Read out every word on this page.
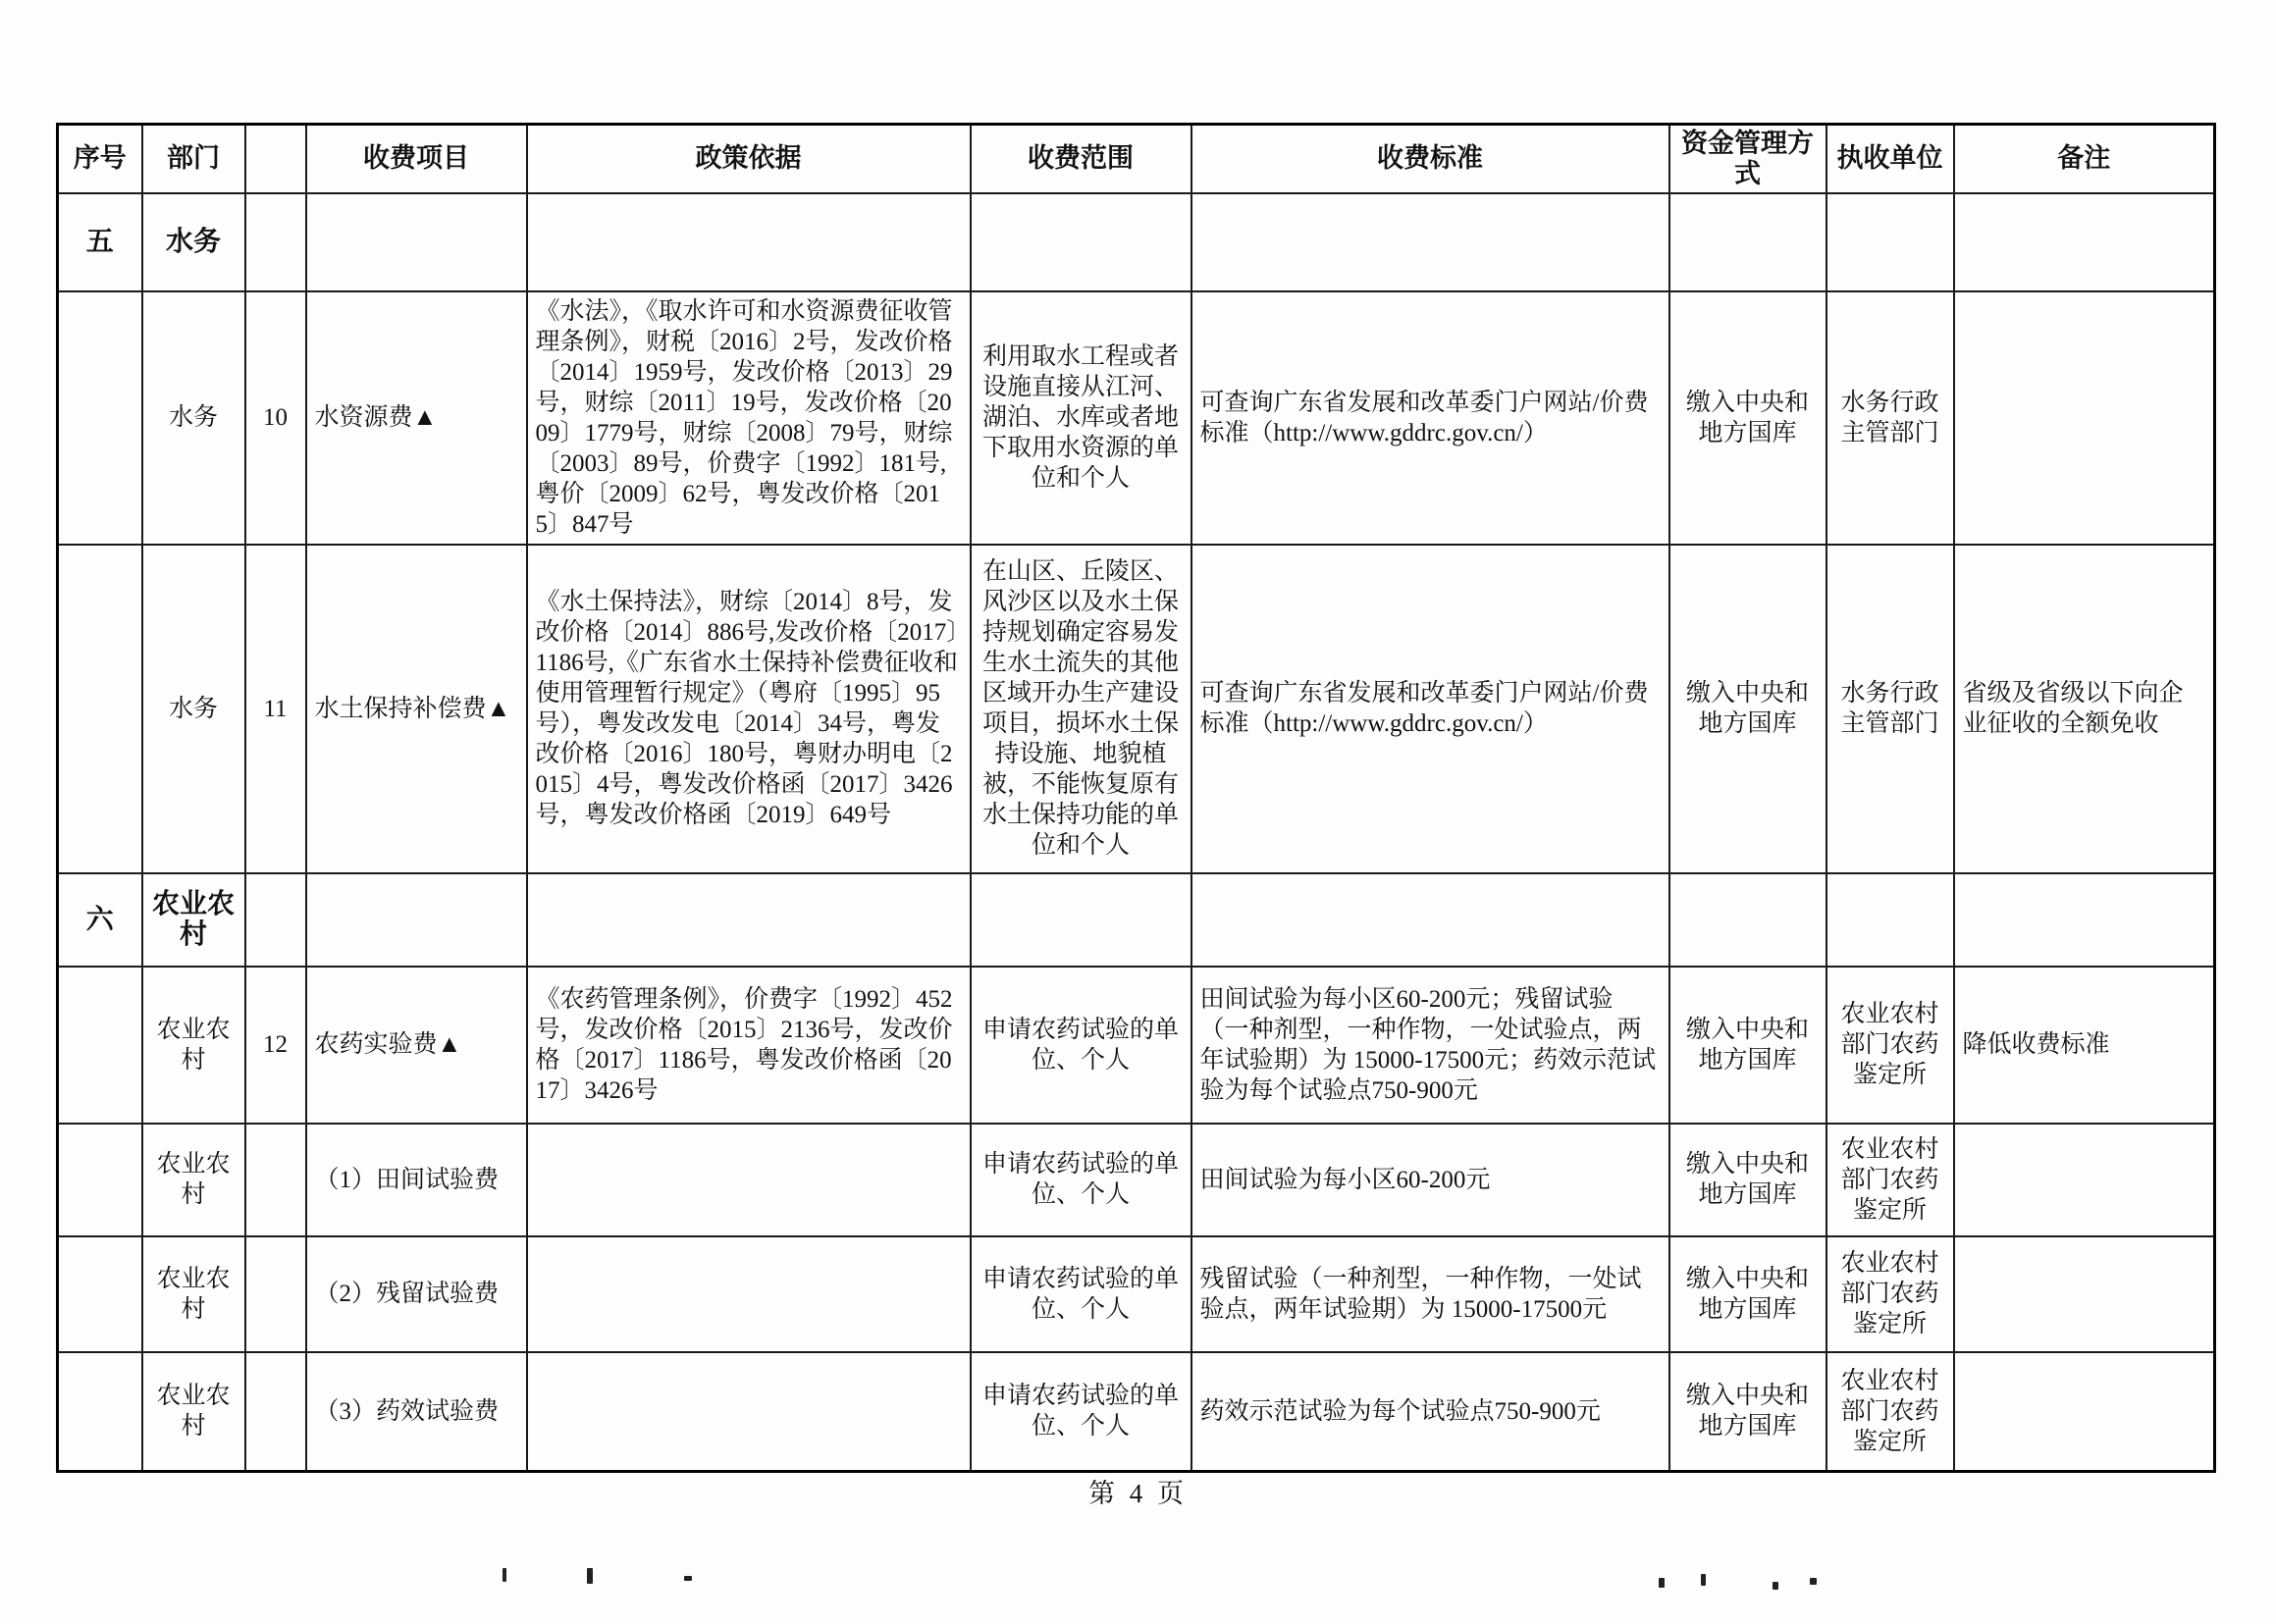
序号	部门		收费项目	政策依据	收费范围	收费标准	资金管理方式	执收单位	备注
五	水务								
	水务	10	水资源费▲	《水法》，《取水许可和水资源费征收管理条例》，财税〔2016〕2号，发改价格〔2014〕1959号，发改价格〔2013〕29号，财综〔2011〕19号，发改价格〔2009〕1779号，财综〔2008〕79号，财综〔2003〕89号，价费字〔1992〕181号,粤价〔2009〕62号，粤发改价格〔2015〕847号	利用取水工程或者设施直接从江河、湖泊、水库或者地下取用水资源的单位和个人	可查询广东省发展和改革委门户网站/价费标准（http://www.gddrc.gov.cn/）	缴入中央和地方国库	水务行政主管部门	
	水务	11	水土保持补偿费▲	《水土保持法》，财综〔2014〕8号，发改价格〔2014〕886号,发改价格〔2017〕1186号,《广东省水土保持补偿费征收和使用管理暂行规定》（粤府〔1995〕95号），粤发改发电〔2014〕34号，粤发改价格〔2016〕180号，粤财办明电〔2015〕4号，粤发改价格函〔2017〕3426号，粤发改价格函〔2019〕649号	在山区、丘陵区、风沙区以及水土保持规划确定容易发生水土流失的其他区域开办生产建设项目，损坏水土保持设施、地貌植被，不能恢复原有水土保持功能的单位和个人	可查询广东省发展和改革委门户网站/价费标准（http://www.gddrc.gov.cn/）	缴入中央和地方国库	水务行政主管部门	省级及省级以下向企业征收的全额免收
六	农业农村								
	农业农村	12	农药实验费▲	《农药管理条例》，价费字〔1992〕452号，发改价格〔2015〕2136号，发改价格〔2017〕1186号，粤发改价格函〔2017〕3426号	申请农药试验的单位、个人	田间试验为每小区60-200元；残留试验（一种剂型，一种作物，一处试验点，两年试验期）为 15000-17500元；药效示范试验为每个试验点750-900元	缴入中央和地方国库	农业农村部门农药鉴定所	降低收费标准
	农业农村		（1）田间试验费		申请农药试验的单位、个人	田间试验为每小区60-200元	缴入中央和地方国库	农业农村部门农药鉴定所	
	农业农村		（2）残留试验费		申请农药试验的单位、个人	残留试验（一种剂型，一种作物，一处试验点，两年试验期）为 15000-17500元	缴入中央和地方国库	农业农村部门农药鉴定所	
	农业农村		（3）药效试验费		申请农药试验的单位、个人	药效示范试验为每个试验点750-900元	缴入中央和地方国库	农业农村部门农药鉴定所	
第 4 页
